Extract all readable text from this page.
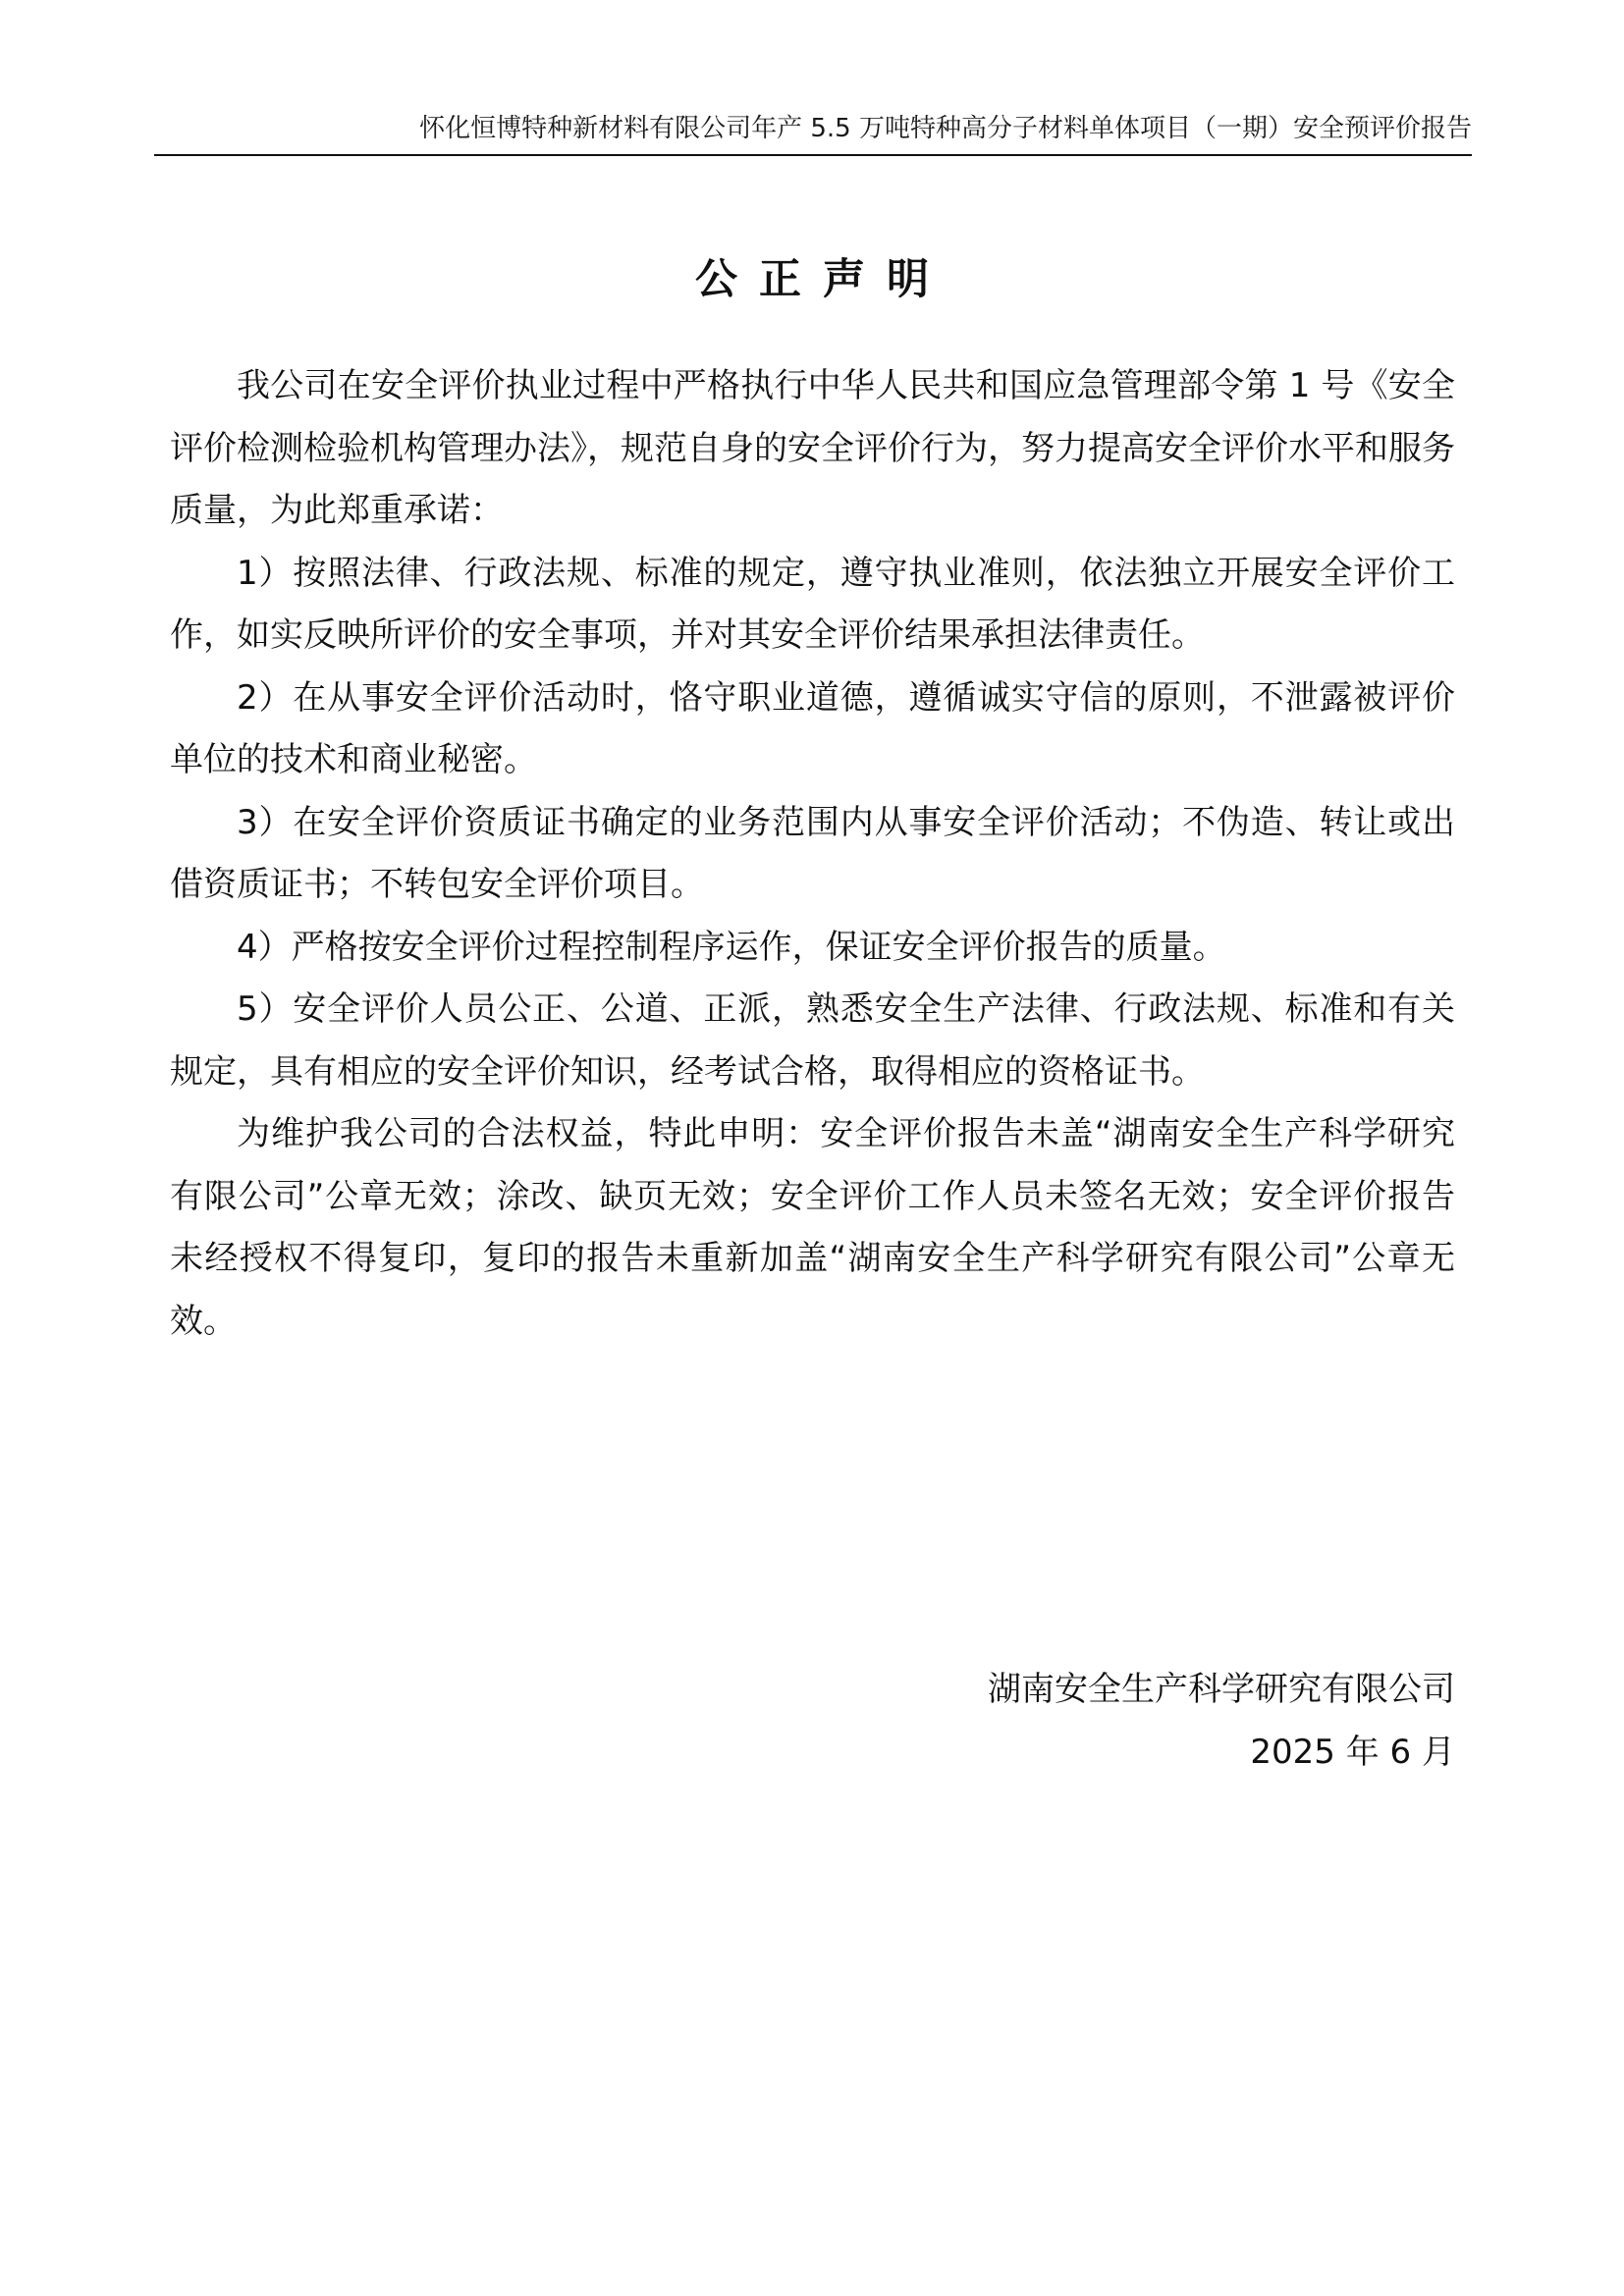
怀化恒博特种新材料有限公司年产 5.5 万吨特种高分子材料单体项目（一期）安全预评价报告
公正声明

我公司在安全评价执业过程中严格执行中华人民共和国应急管理部令第 1 号《安全评价检测检验机构管理办法》，规范自身的安全评价行为，努力提高安全评价水平和服务质量，为此郑重承诺：

1）按照法律、行政法规、标准的规定，遵守执业准则，依法独立开展安全评价工作，如实反映所评价的安全事项，并对其安全评价结果承担法律责任。

2）在从事安全评价活动时，恪守职业道德，遵循诚实守信的原则，不泄露被评价单位的技术和商业秘密。

3）在安全评价资质证书确定的业务范围内从事安全评价活动；不伪造、转让或出借资质证书；不转包安全评价项目。

4）严格按安全评价过程控制程序运作，保证安全评价报告的质量。

5）安全评价人员公正、公道、正派，熟悉安全生产法律、行政法规、标准和有关规定，具有相应的安全评价知识，经考试合格，取得相应的资格证书。

为维护我公司的合法权益，特此申明：安全评价报告未盖“湖南安全生产科学研究有限公司”公章无效；涂改、缺页无效；安全评价工作人员未签名无效；安全评价报告未经授权不得复印，复印的报告未重新加盖“湖南安全生产科学研究有限公司”公章无效。

湖南安全生产科学研究有限公司
2025 年 6 月
